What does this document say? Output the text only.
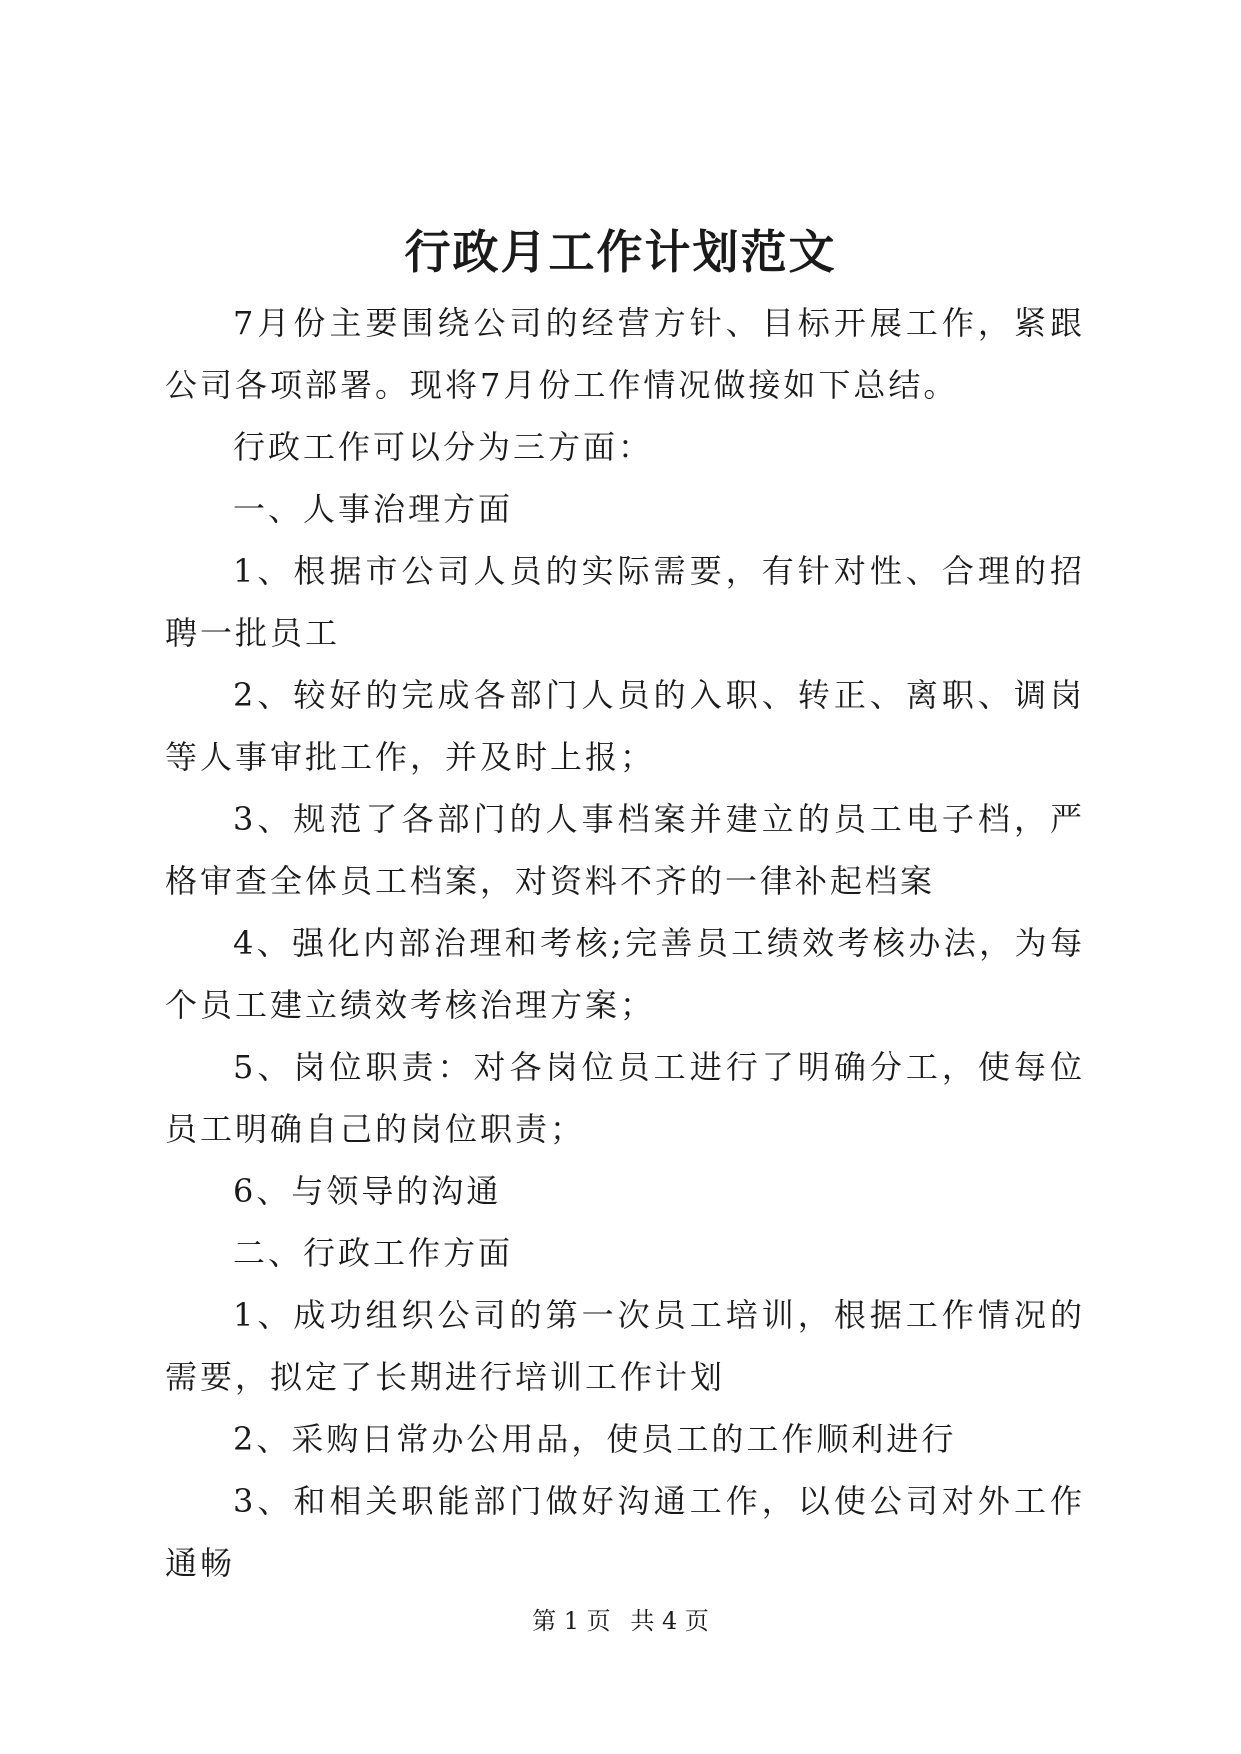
行政月工作计划范文

7月份主要围绕公司的经营方针、目标开展工作，紧跟公司各项部署。现将7月份工作情况做接如下总结。

行政工作可以分为三方面：

一、人事治理方面

1、根据市公司人员的实际需要，有针对性、合理的招聘一批员工

2、较好的完成各部门人员的入职、转正、离职、调岗等人事审批工作，并及时上报；

3、规范了各部门的人事档案并建立的员工电子档，严格审查全体员工档案，对资料不齐的一律补起档案

4、强化内部治理和考核;完善员工绩效考核办法，为每个员工建立绩效考核治理方案；

5、岗位职责：对各岗位员工进行了明确分工，使每位员工明确自己的岗位职责；

6、与领导的沟通

二、行政工作方面

1、成功组织公司的第一次员工培训，根据工作情况的需要，拟定了长期进行培训工作计划

2、采购日常办公用品，使员工的工作顺利进行

3、和相关职能部门做好沟通工作，以使公司对外工作通畅

第 1 页 共 4 页
